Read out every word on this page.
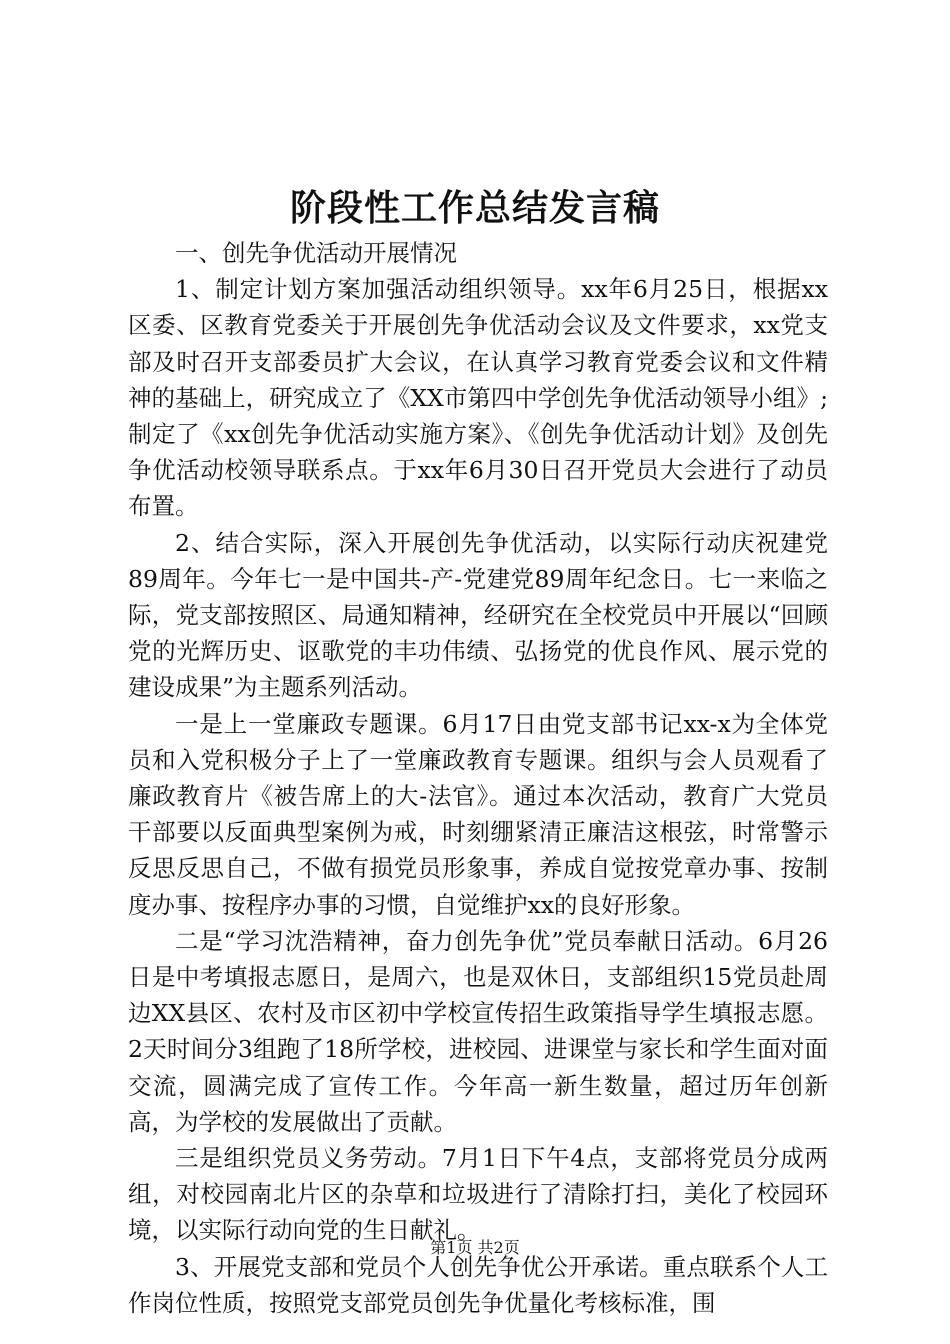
阶段性工作总结发言稿

一、创先争优活动开展情况

1、制定计划方案加强活动组织领导。xx年6月25日，根据xx区委、区教育党委关于开展创先争优活动会议及文件要求，xx党支部及时召开支部委员扩大会议，在认真学习教育党委会议和文件精神的基础上，研究成立了《XX市第四中学创先争优活动领导小组》;制定了《xx创先争优活动实施方案》、《创先争优活动计划》及创先争优活动校领导联系点。于xx年6月30日召开党员大会进行了动员布置。

2、结合实际，深入开展创先争优活动，以实际行动庆祝建党89周年。今年七一是中国共-产-党建党89周年纪念日。七一来临之际，党支部按照区、局通知精神，经研究在全校党员中开展以“回顾党的光辉历史、讴歌党的丰功伟绩、弘扬党的优良作风、展示党的建设成果”为主题系列活动。

一是上一堂廉政专题课。6月17日由党支部书记xx-x为全体党员和入党积极分子上了一堂廉政教育专题课。组织与会人员观看了廉政教育片《被告席上的大-法官》。通过本次活动，教育广大党员干部要以反面典型案例为戒，时刻绷紧清正廉洁这根弦，时常警示反思反思自己，不做有损党员形象事，养成自觉按党章办事、按制度办事、按程序办事的习惯，自觉维护xx的良好形象。

二是“学习沈浩精神，奋力创先争优”党员奉献日活动。6月26日是中考填报志愿日，是周六，也是双休日，支部组织15党员赴周边XX县区、农村及市区初中学校宣传招生政策指导学生填报志愿。2天时间分3组跑了18所学校，进校园、进课堂与家长和学生面对面交流，圆满完成了宣传工作。今年高一新生数量，超过历年创新高，为学校的发展做出了贡献。

三是组织党员义务劳动。7月1日下午4点，支部将党员分成两组，对校园南北片区的杂草和垃圾进行了清除打扫，美化了校园环境，以实际行动向党的生日献礼。

3、开展党支部和党员个人创先争优公开承诺。重点联系个人工作岗位性质，按照党支部党员创先争优量化考核标准，围

第1页 共2页
